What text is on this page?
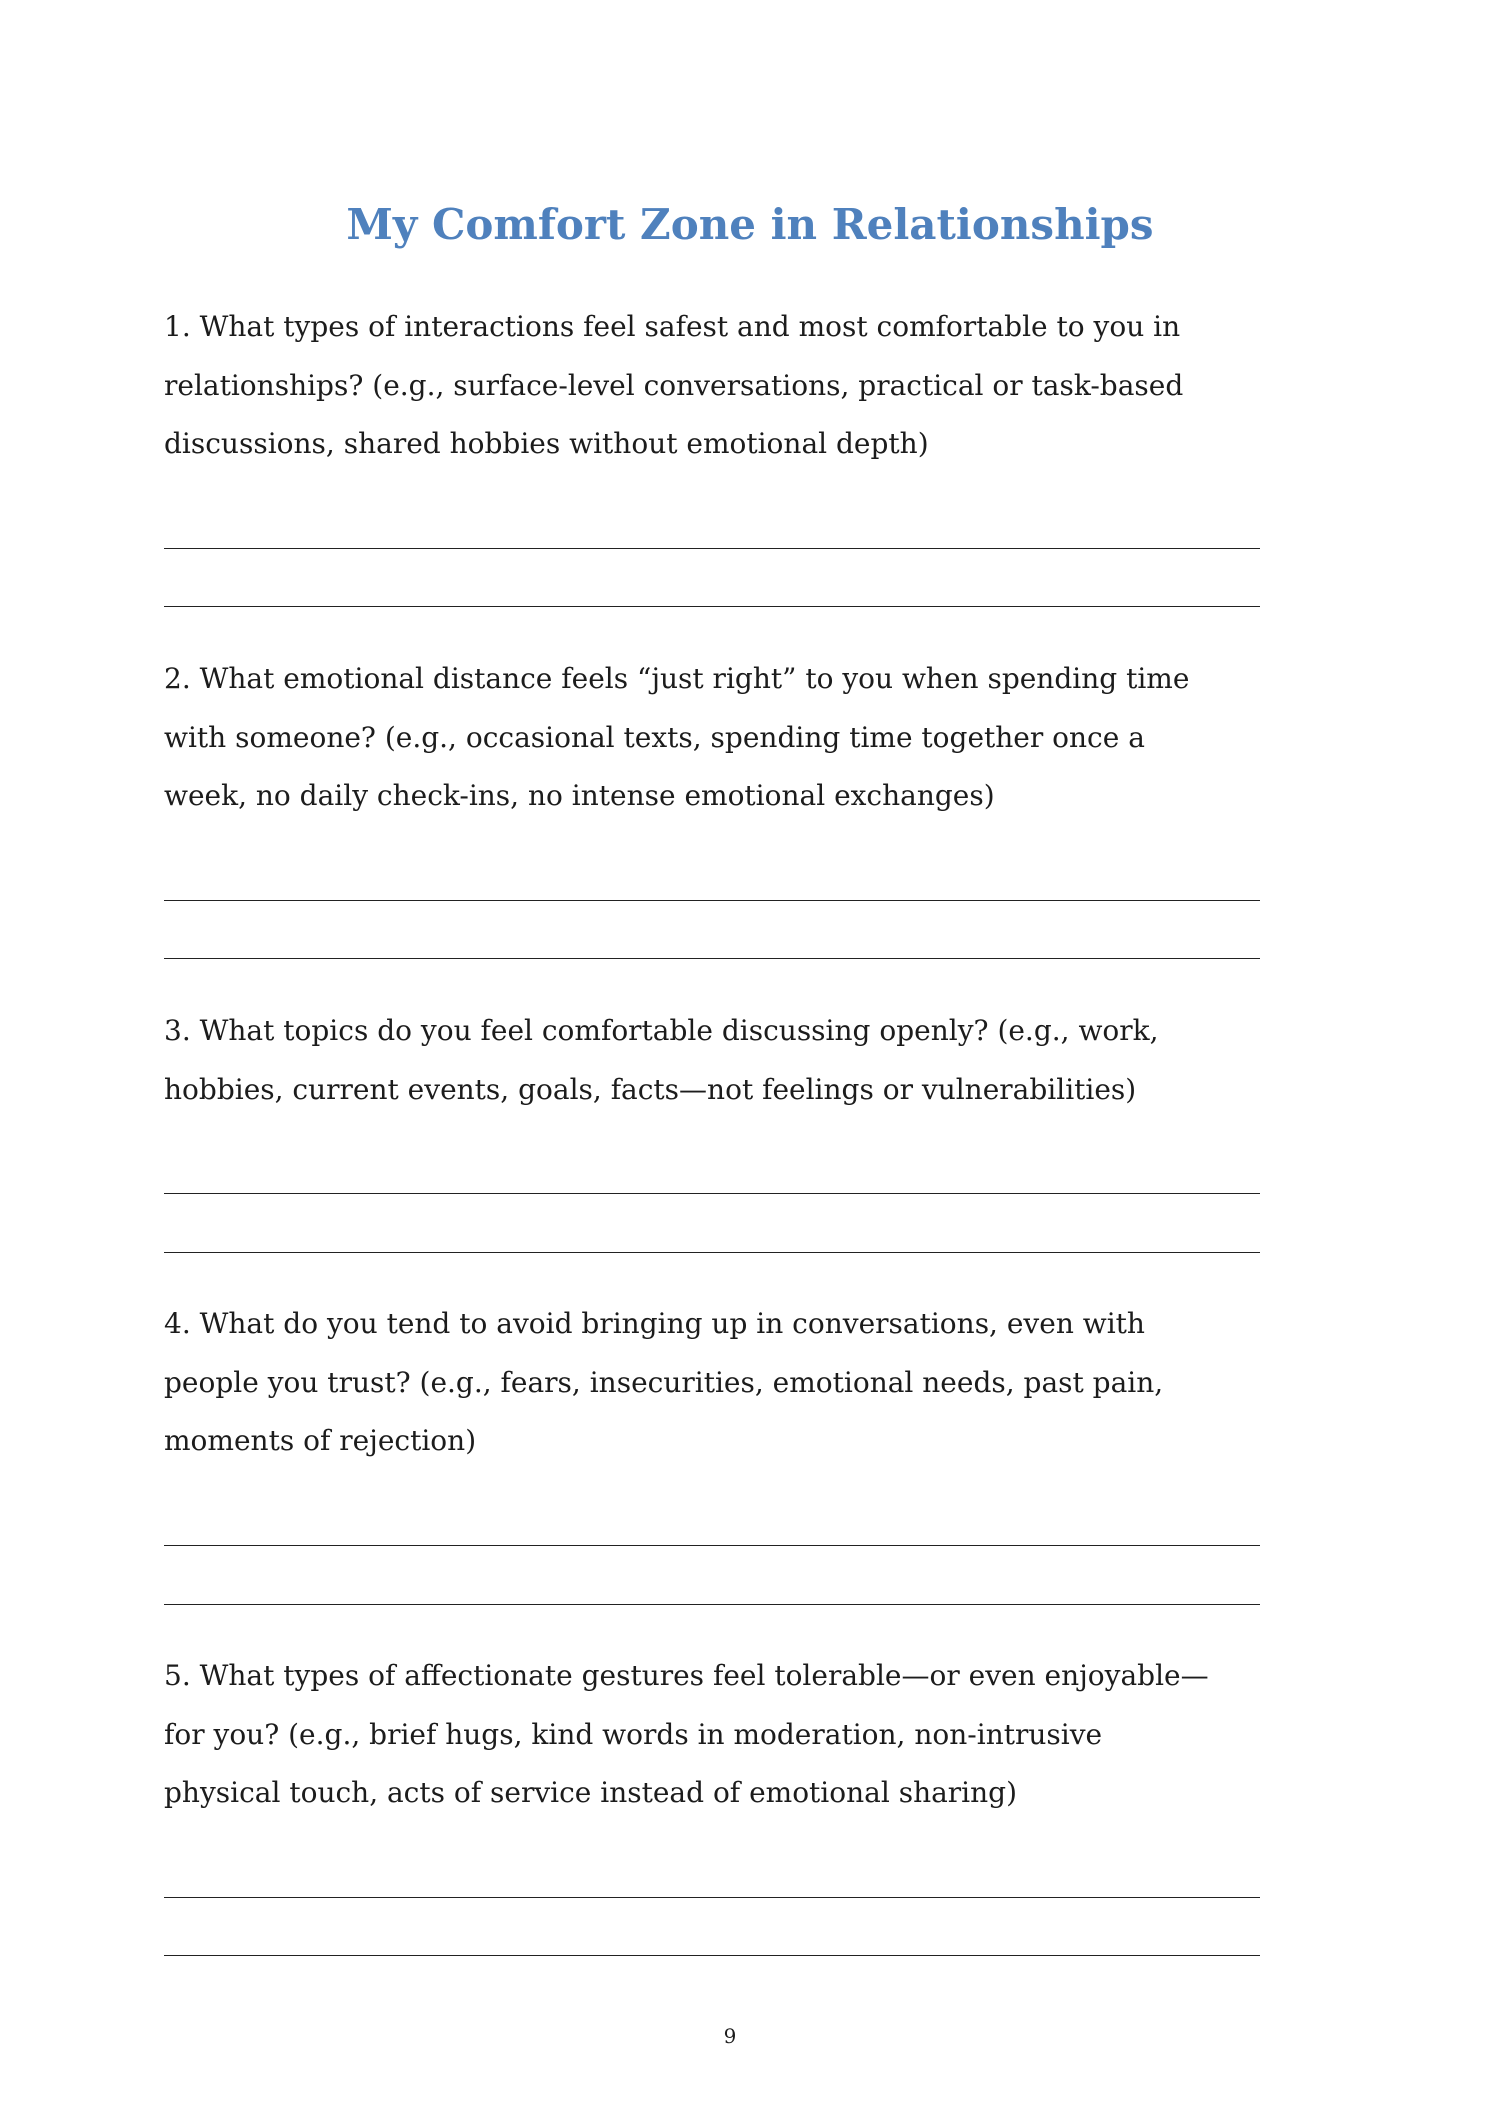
My Comfort Zone in Relationships
1. What types of interactions feel safest and most comfortable to you in
relationships? (e.g., surface-level conversations, practical or task-based
discussions, shared hobbies without emotional depth)
2. What emotional distance feels “just right” to you when spending time
with someone? (e.g., occasional texts, spending time together once a
week, no daily check-ins, no intense emotional exchanges)
3. What topics do you feel comfortable discussing openly? (e.g., work,
hobbies, current events, goals, facts—not feelings or vulnerabilities)
4. What do you tend to avoid bringing up in conversations, even with
people you trust? (e.g., fears, insecurities, emotional needs, past pain,
moments of rejection)
5. What types of affectionate gestures feel tolerable—or even enjoyable—
for you? (e.g., brief hugs, kind words in moderation, non-intrusive
physical touch, acts of service instead of emotional sharing)
9
